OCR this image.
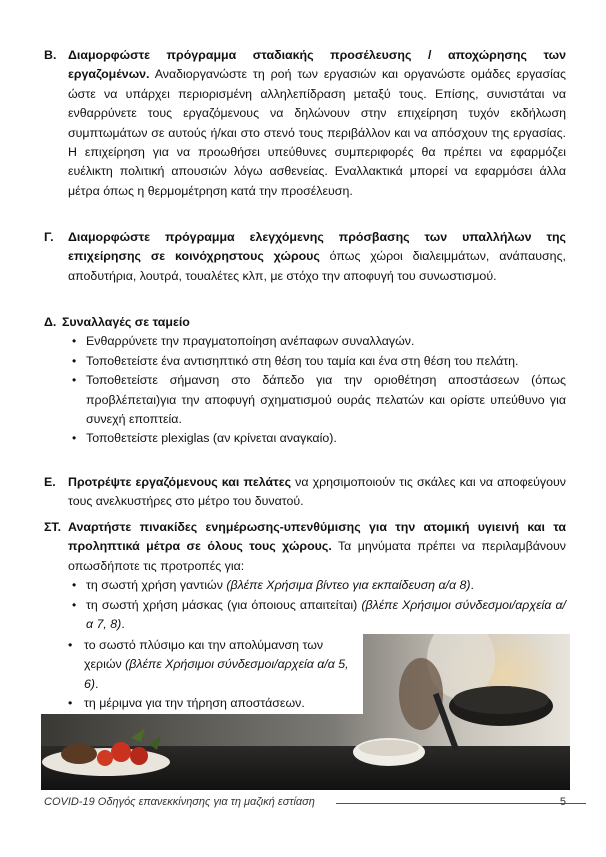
Β. Διαμορφώστε πρόγραμμα σταδιακής προσέλευσης / αποχώρησης των εργαζομένων. Αναδιοργανώστε τη ροή των εργασιών και οργανώστε ομάδες εργασίας ώστε να υπάρχει περιορισμένη αλληλεπίδραση μεταξύ τους. Επίσης, συνιστάται να ενθαρρύνετε τους εργαζόμενους να δηλώνουν στην επιχείρηση τυχόν εκδήλωση συμπτωμάτων σε αυτούς ή/και στο στενό τους περιβάλλον και να απόσχουν της εργασίας. Η επιχείρηση για να προωθήσει υπεύθυνες συμπεριφορές θα πρέπει να εφαρμόζει ευέλικτη πολιτική απουσιών λόγω ασθενείας. Εναλλακτικά μπορεί να εφαρμόσει άλλα μέτρα όπως η θερμομέτρηση κατά την προσέλευση.
Γ. Διαμορφώστε πρόγραμμα ελεγχόμενης πρόσβασης των υπαλλήλων της επιχείρησης σε κοινόχρηστους χώρους όπως χώροι διαλειμμάτων, ανάπαυσης, αποδυτήρια, λουτρά, τουαλέτες κλπ, με στόχο την αποφυγή του συνωστισμού.
Δ. Συναλλαγές σε ταμείο
• Ενθαρρύνετε την πραγματοποίηση ανέπαφων συναλλαγών.
• Τοποθετείστε ένα αντισηπτικό στη θέση του ταμία και ένα στη θέση του πελάτη.
• Τοποθετείστε σήμανση στο δάπεδο για την οριοθέτηση αποστάσεων (όπως προβλέπεται)για την αποφυγή σχηματισμού ουράς πελατών και ορίστε υπεύθυνο για συνεχή εποπτεία.
• Τοποθετείστε plexiglas (αν κρίνεται αναγκαίο).
Ε. Προτρέψτε εργαζόμενους και πελάτες να χρησιμοποιούν τις σκάλες και να αποφεύγουν τους ανελκυστήρες στο μέτρο του δυνατού.
ΣΤ. Αναρτήστε πινακίδες ενημέρωσης-υπενθύμισης για την ατομική υγιεινή και τα προληπτικά μέτρα σε όλους τους χώρους. Τα μηνύματα πρέπει να περιλαμβάνουν οπωσδήποτε τις προτροπές για:
• τη σωστή χρήση γαντιών (βλέπε Χρήσιμα βίντεο για εκπαίδευση α/α 8).
• τη σωστή χρήση μάσκας (για όποιους απαιτείται) (βλέπε Χρήσιμοι σύνδεσμοι/αρχεία α/α 7, 8).
• το σωστό πλύσιμο και την απολύμανση των χεριών (βλέπε Χρήσιμοι σύνδεσμοι/αρχεία α/α 5, 6).
• τη μέριμνα για την τήρηση αποστάσεων.
COVID-19 Οδηγός επανεκκίνησης για τη μαζική εστίαση	5
